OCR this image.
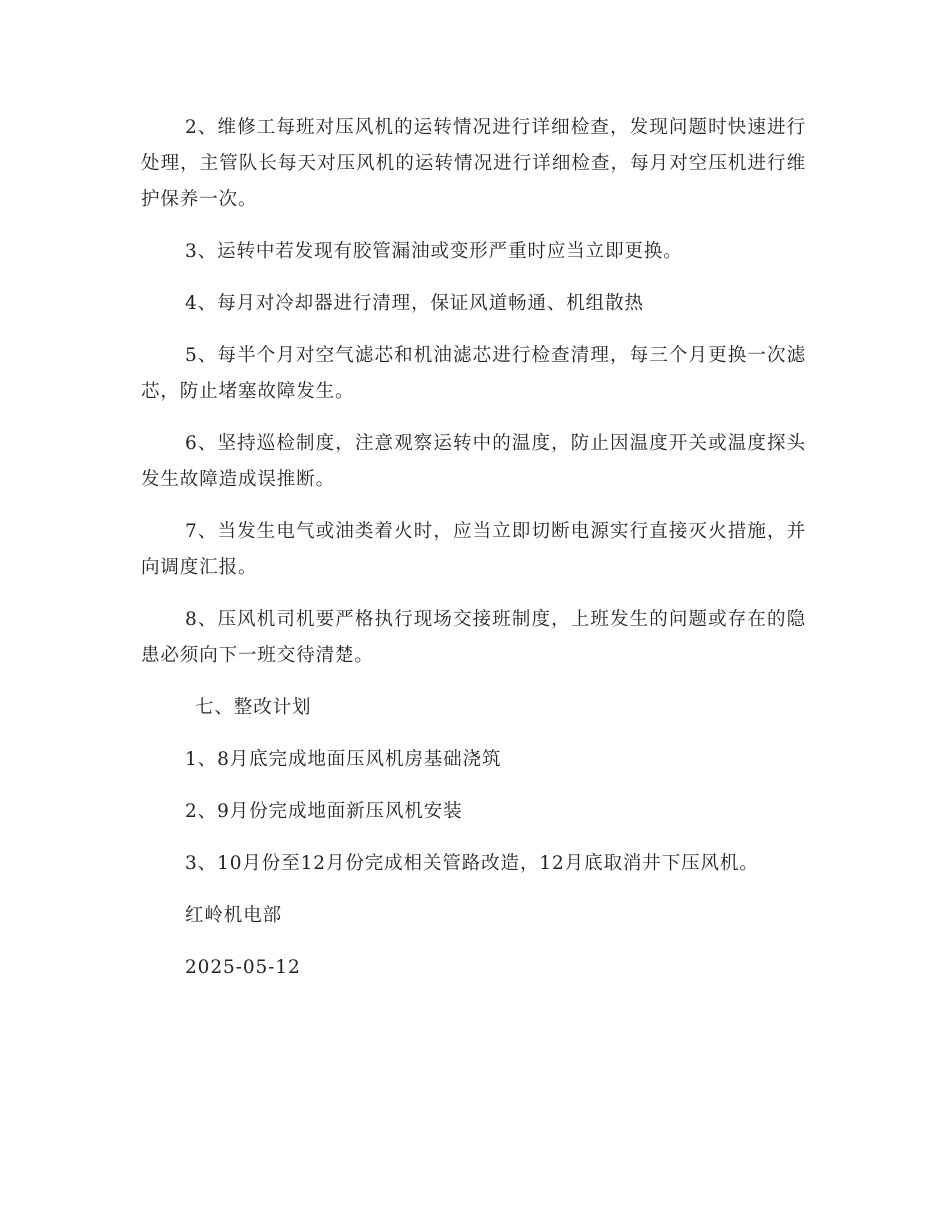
2、维修工每班对压风机的运转情况进行详细检查，发现问题时快速进行处理，主管队长每天对压风机的运转情况进行详细检查，每月对空压机进行维护保养一次。

3、运转中若发现有胶管漏油或变形严重时应当立即更换。

4、每月对冷却器进行清理，保证风道畅通、机组散热

5、每半个月对空气滤芯和机油滤芯进行检查清理，每三个月更换一次滤芯，防止堵塞故障发生。

6、坚持巡检制度，注意观察运转中的温度，防止因温度开关或温度探头发生故障造成误推断。

7、当发生电气或油类着火时，应当立即切断电源实行直接灭火措施，并向调度汇报。

8、压风机司机要严格执行现场交接班制度，上班发生的问题或存在的隐患必须向下一班交待清楚。

七、整改计划

1、8月底完成地面压风机房基础浇筑

2、9月份完成地面新压风机安装

3、10月份至12月份完成相关管路改造，12月底取消井下压风机。

红岭机电部

2025-05-12
